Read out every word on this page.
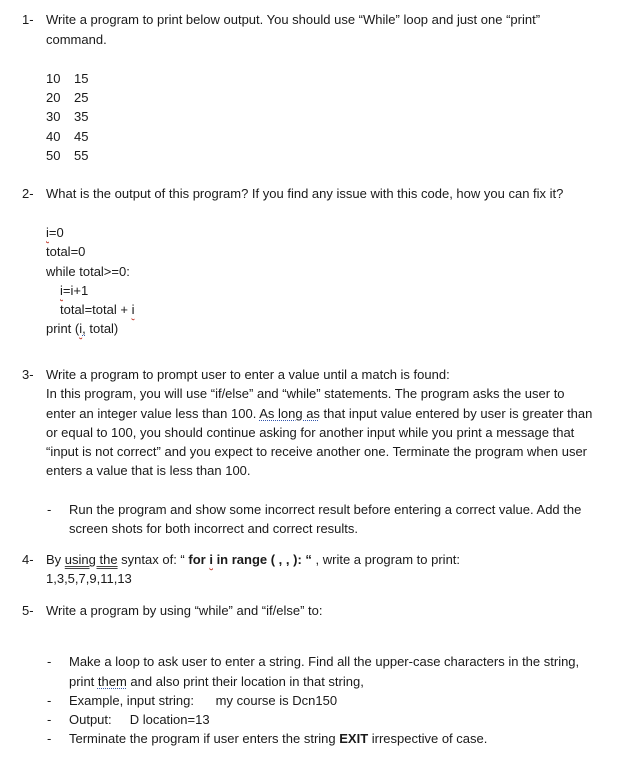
1- Write a program to print below output. You should use “While” loop and just one “print”
command.
10 15
20 25
30 35
40 45
50 55
2- What is the output of this program? If you find any issue with this code, how you can fix it?
i=0
total=0
while total>=0:
i=i+1
total=total + i
print (i, total)
3- Write a program to prompt user to enter a value until a match is found:
In this program, you will use “if/else” and “while” statements. The program asks the user to
enter an integer value less than 100. As long as that input value entered by user is greater than
or equal to 100, you should continue asking for another input while you print a message that
“input is not correct” and you expect to receive another one. Terminate the program when user
enters a value that is less than 100.
- Run the program and show some incorrect result before entering a correct value. Add the
screen shots for both incorrect and correct results.
4- By using the syntax of: “ for i in range ( , , ): “ , write a program to print:
1,3,5,7,9,11,13
5- Write a program by using “while” and “if/else” to:
- Make a loop to ask user to enter a string. Find all the upper-case characters in the string,
print them and also print their location in that string,
- Example, input string:      my course is Dcn150
- Output:     D location=13
- Terminate the program if user enters the string EXIT irrespective of case.
